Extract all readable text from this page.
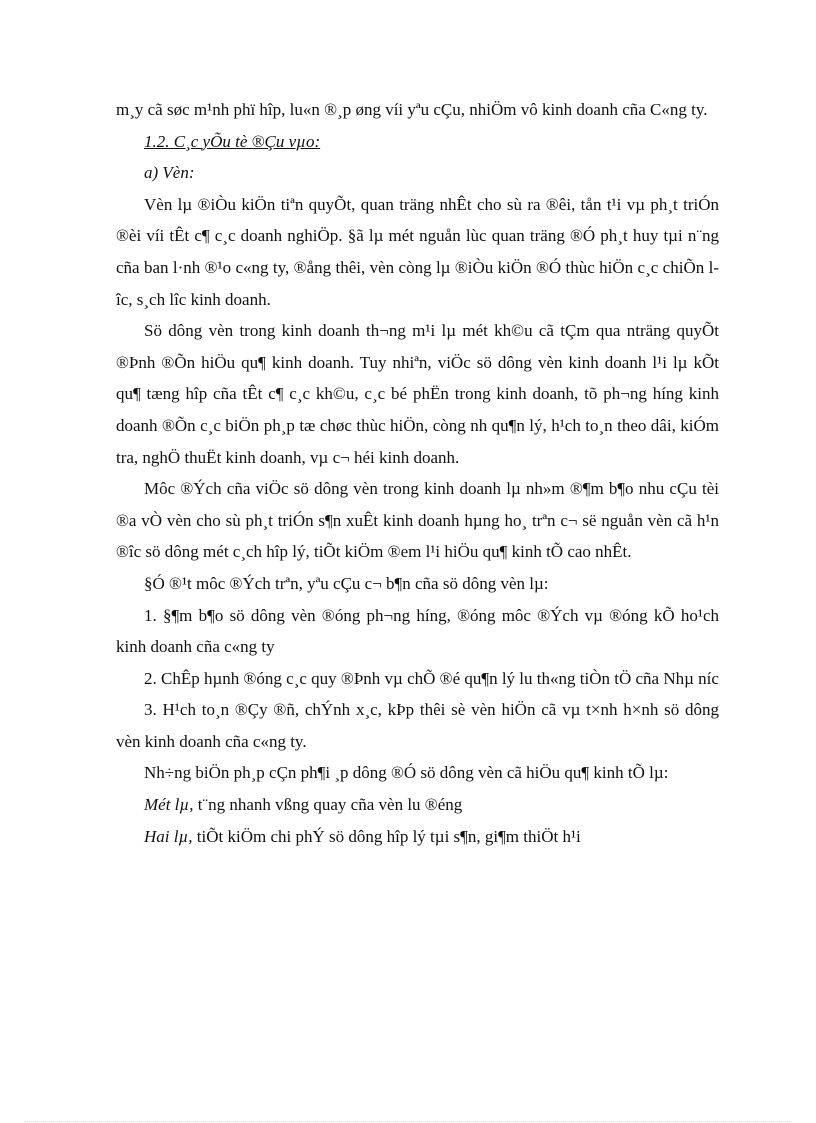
m¸y cã søc m¹nh phï hîp, lu«n ®¸p øng víi yªu cÇu, nhiÖm vô kinh doanh cña C«ng ty.

1.2. C¸c yÕu tè ®Çu vµo:

a) Vèn:

Vèn lµ ®iÒu kiÖn tiªn quyÕt, quan träng nhÊt cho sù ra ®êi, tån t¹i vµ ph¸t triÓn ®èi víi tÊt c¶ c¸c doanh nghiÖp. §ã lµ mét nguån lùc quan träng ®Ó ph¸t huy tµi n¨ng cña ban l·nh ®¹o c«ng ty, ®ång thêi, vèn còng lµ ®iÒu kiÖn ®Ó thùc hiÖn c¸c chiÕn lîc, s¸ch lîc kinh doanh.

Sö dông vèn trong kinh doanh th¬ng m¹i lµ mét kh©u cã tÇm qua nträng quyÕt ®Þnh ®Õn hiÖu qu¶ kinh doanh. Tuy nhiªn, viÖc sö dông vèn kinh doanh l¹i lµ kÕt qu¶ tæng hîp cña tÊt c¶ c¸c kh©u, c¸c bé phËn trong kinh doanh, tõ ph¬ng híng kinh doanh ®Õn c¸c biÖn ph¸p tæ chøc thùc hiÖn, còng nh qu¶n lý, h¹ch to¸n theo dâi, kiÓm tra, nghÖ thuËt kinh doanh, vµ c¬ héi kinh doanh.

Môc ®Ých cña viÖc sö dông vèn trong kinh doanh lµ nh»m ®¶m b¶o nhu cÇu tèi ®a vÒ vèn cho sù ph¸t triÓn s¶n xuÊt kinh doanh hµng ho¸ trªn c¬ së nguån vèn cã h¹n ®îc sö dông mét c¸ch hîp lý, tiÕt kiÖm ®em l¹i hiÖu qu¶ kinh tÕ cao nhÊt.

§Ó ®¹t môc ®Ých trªn, yªu cÇu c¬ b¶n cña sö dông vèn lµ:

1. §¶m b¶o sö dông vèn ®óng ph¬ng híng, ®óng môc ®Ých vµ ®óng kÕ ho¹ch kinh doanh cña c«ng ty

2. ChÊp hµnh ®óng c¸c quy ®Þnh vµ chÕ ®é qu¶n lý lu th«ng tiÒn tÖ cña Nhµ níc

3. H¹ch to¸n ®Çy ®ñ, chÝnh x¸c, kÞp thêi sè vèn hiÖn cã vµ t×nh h×nh sö dông vèn kinh doanh cña c«ng ty.

Nh÷ng biÖn ph¸p cÇn ph¶i ¸p dông ®Ó sö dông vèn cã hiÖu qu¶ kinh tÕ lµ:

Mét lµ, t¨ng nhanh vßng quay cña vèn lu ®éng

Hai lµ, tiÕt kiÖm chi phÝ sö dông hîp lý tµi s¶n, gi¶m thiÖt h¹i
